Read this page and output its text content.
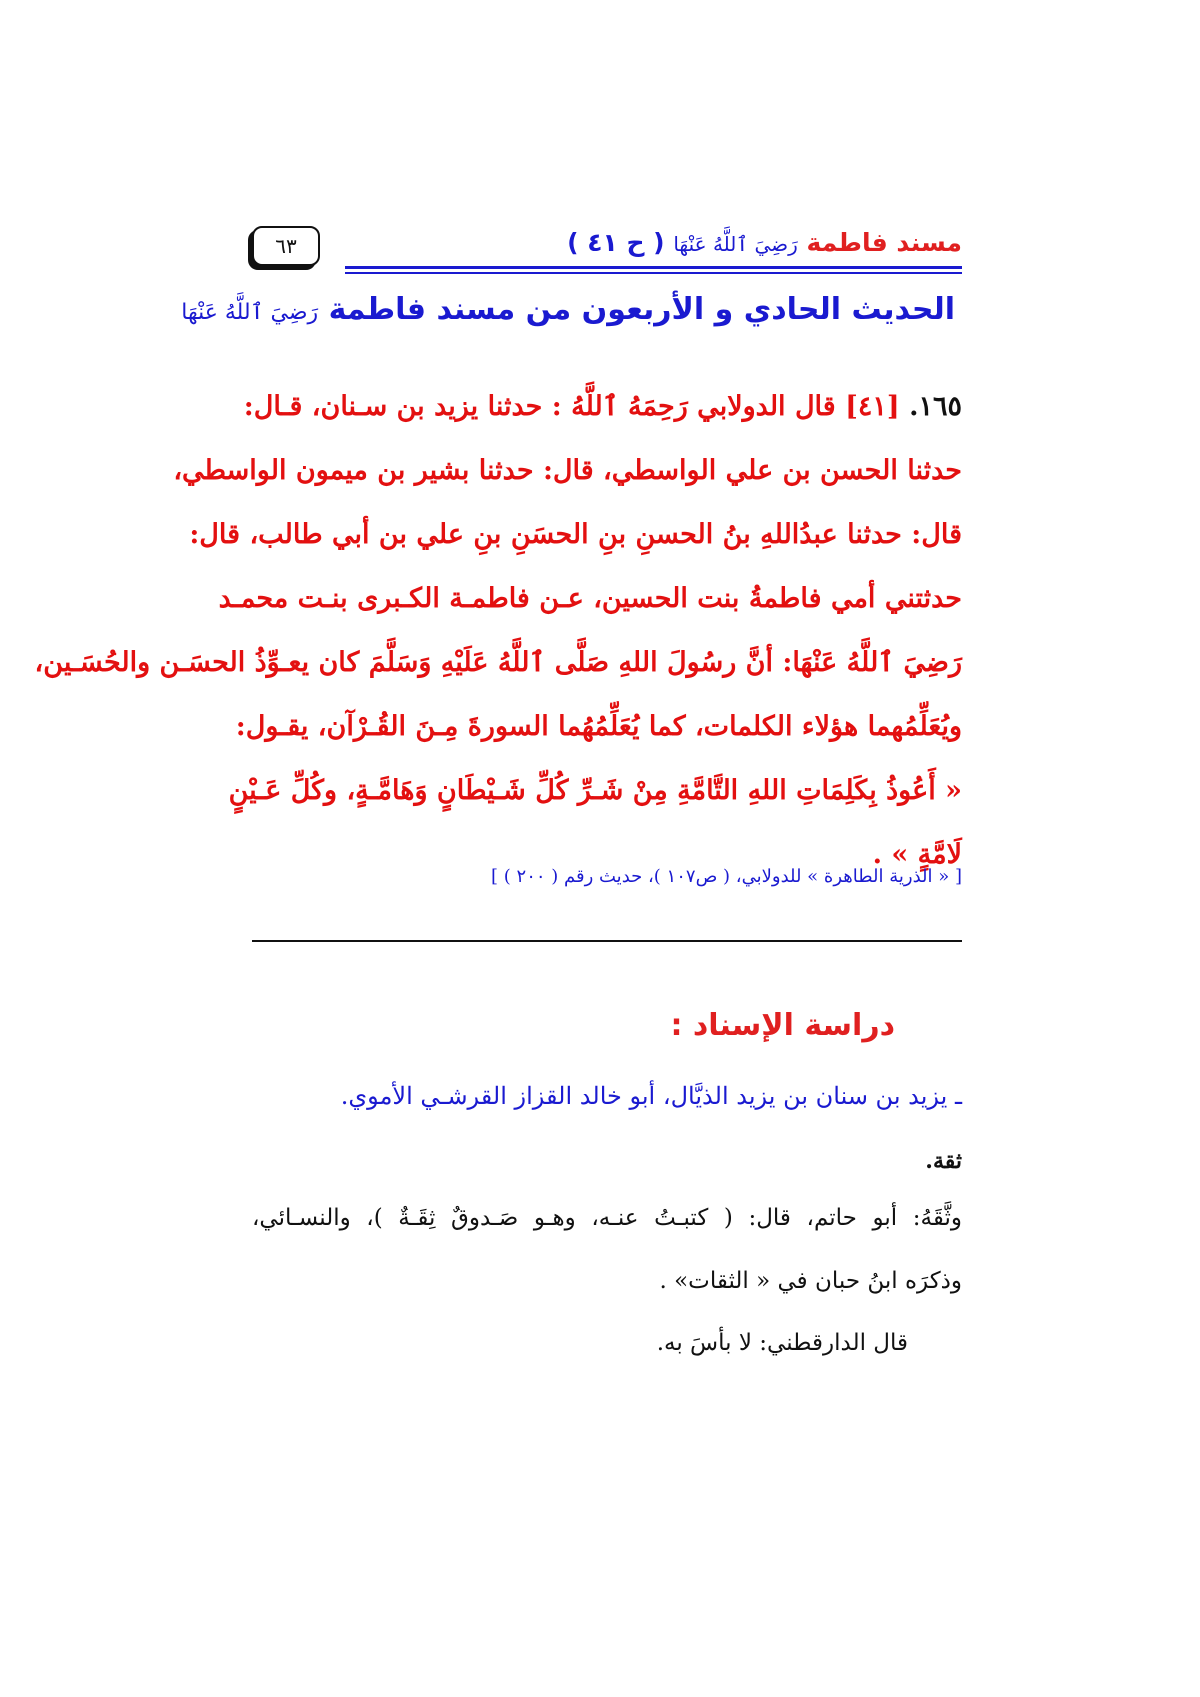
مسند فاطمة رَضِيَ ٱللَّهُ عَنْهَا ( ح ٤١ )
٦٣
الحديث الحادي و الأربعون من مسند فاطمة رَضِيَ ٱللَّهُ عَنْهَا
١٦٥. [٤١] قال الدولابي رَحِمَهُ ٱللَّهُ : حدثنا يزيد بن سـنان، قـال:
حدثنا الحسن بن علي الواسطي، قال: حدثنا بشير بن ميمون الواسطي،
قال: حدثنا عبدُاللهِ بنُ الحسنِ بنِ الحسَنِ بنِ علي بن أبي طالب، قال:
حدثتني أمي فاطمةُ بنت الحسين، عـن فاطمـة الكـبرى بنـت محمـد
رَضِيَ ٱللَّهُ عَنْهَا: أنَّ رسُولَ اللهِ صَلَّى ٱللَّهُ عَلَيْهِ وَسَلَّمَ كان يعـوِّذُ الحسَـن والحُسَـين،
ويُعَلِّمُهما هؤلاء الكلمات، كما يُعَلِّمُهُما السورةَ مِـنَ القُـرْآن، يقـول:
« أَعُوذُ بِكَلِمَاتِ اللهِ التَّامَّةِ مِنْ شَـرِّ كُلِّ شَـيْطَانٍ وَهَامَّـةٍ، وكُلِّ عَـيْنٍ
لَامَّةٍ » .
[ « الذرية الطاهرة » للدولابي، ( ص١٠٧ )، حديث رقم ( ٢٠٠ ) ]
دراسة الإسناد :
ـ يزيد بن سنان بن يزيد الذيَّال، أبو خالد القزاز القرشـي الأموي.
ثقة.
وثَّقَهُ: أبو حاتم، قال: ( كتبـتُ عنـه، وهـو صَـدوقٌ ثِقَـةٌ )، والنسـائي،
وذكرَه ابنُ حبان في « الثقات» .
قال الدارقطني: لا بأسَ به.
